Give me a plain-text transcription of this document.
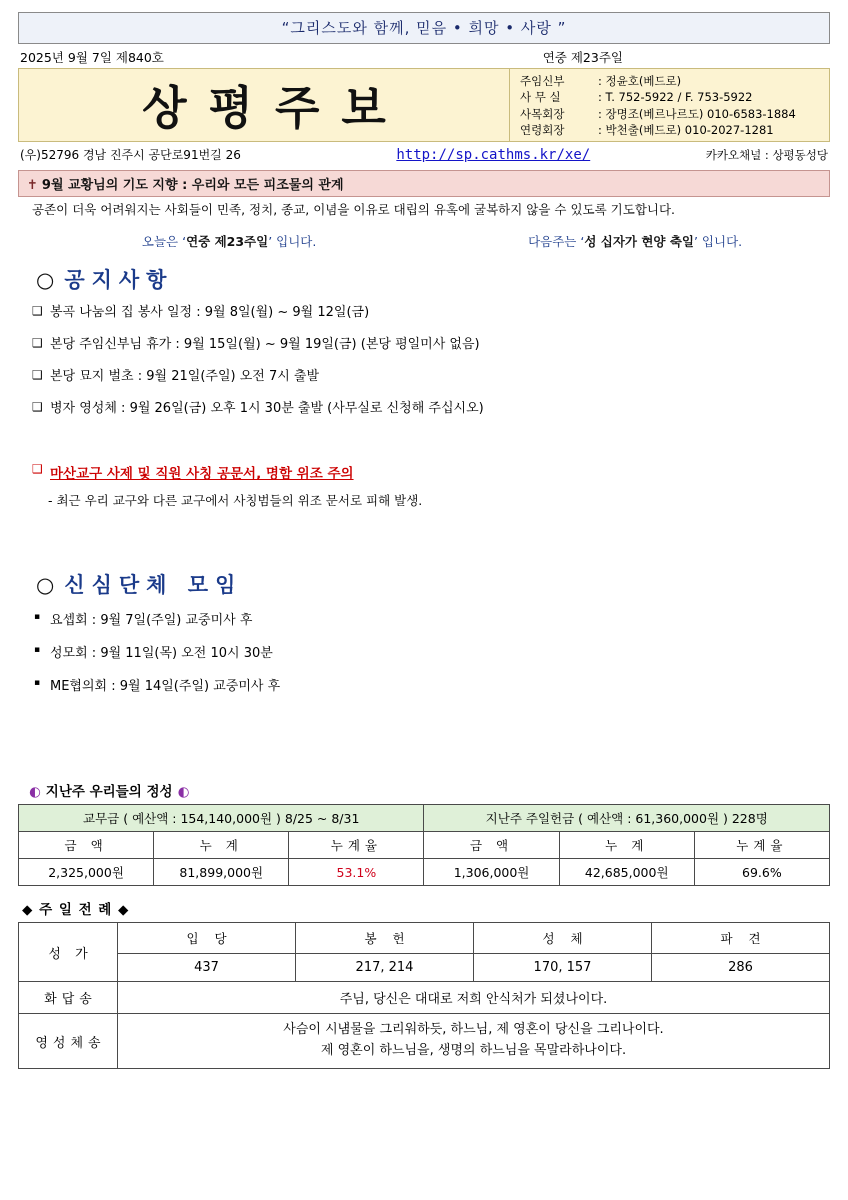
“그리스도와 함께, 믿음 • 희망 • 사랑 ”
2025년 9월 7일 제840호	연중 제23주일
상평주보	주임신부	: 정윤호(베드로)
사 무 실	: T. 752-5922 / F. 753-5922
사목회장	: 장명조(베르나르도) 010-6583-1884
연령회장	: 박천출(베드로) 010-2027-1281
(우)52796 경남 진주시 공단로91번길 26	http://sp.cathms.kr/xe/	카카오채널 : 상평동성당
✝ 9월 교황님의 기도 지향 : 우리와 모든 피조물의 관계
공존이 더욱 어려워지는 사회들이 민족, 정치, 종교, 이념을 이유로 대립의 유혹에 굴복하지 않을 수 있도록 기도합니다.
오늘은 ‘연중 제23주일’ 입니다.	다음주는 ‘성 십자가 현양 축일’ 입니다.
○ 공지사항
❑ 봉곡 나눔의 집 봉사 일정 : 9월 8일(월) ~ 9월 12일(금)
❑ 본당 주임신부님 휴가 : 9월 15일(월) ~ 9월 19일(금) (본당 평일미사 없음)
❑ 본당 묘지 벌초 : 9월 21일(주일) 오전 7시 출발
❑ 병자 영성체 : 9월 26일(금) 오후 1시 30분 출발 (사무실로 신청해 주십시오)
❑ 마산교구 사제 및 직원 사칭 공문서, 명함 위조 주의
- 최근 우리 교구와 다른 교구에서 사칭범들의 위조 문서로 피해 발생.
○ 신심단체 모임
▪ 요셉회 : 9월 7일(주일) 교중미사 후
▪ 성모회 : 9월 11일(목) 오전 10시 30분
▪ ME협의회 : 9월 14일(주일) 교중미사 후
◐ 지난주 우리들의 정성 ◐
교무금 ( 예산액 : 154,140,000원 ) 8/25 ~ 8/31			지난주 주일헌금 ( 예산액 : 61,360,000원 ) 228명		
금 액	누 계	누계율	금 액	누 계	누계율
2,325,000원	81,899,000원	53.1%	1,306,000원	42,685,000원	69.6%
◆ 주 일 전 례 ◆
성 가	입 당	봉 헌	성 체	파 견
	437	217, 214	170, 157	286
화답송	주님, 당신은 대대로 저희 안식처가 되셨나이다.			
영성체송	사슴이 시냼물을 그리워하듯, 하느님, 제 영혼이 당신을 그리나이다.
제 영혼이 하느님을, 생명의 하느님을 목말라하나이다.			
